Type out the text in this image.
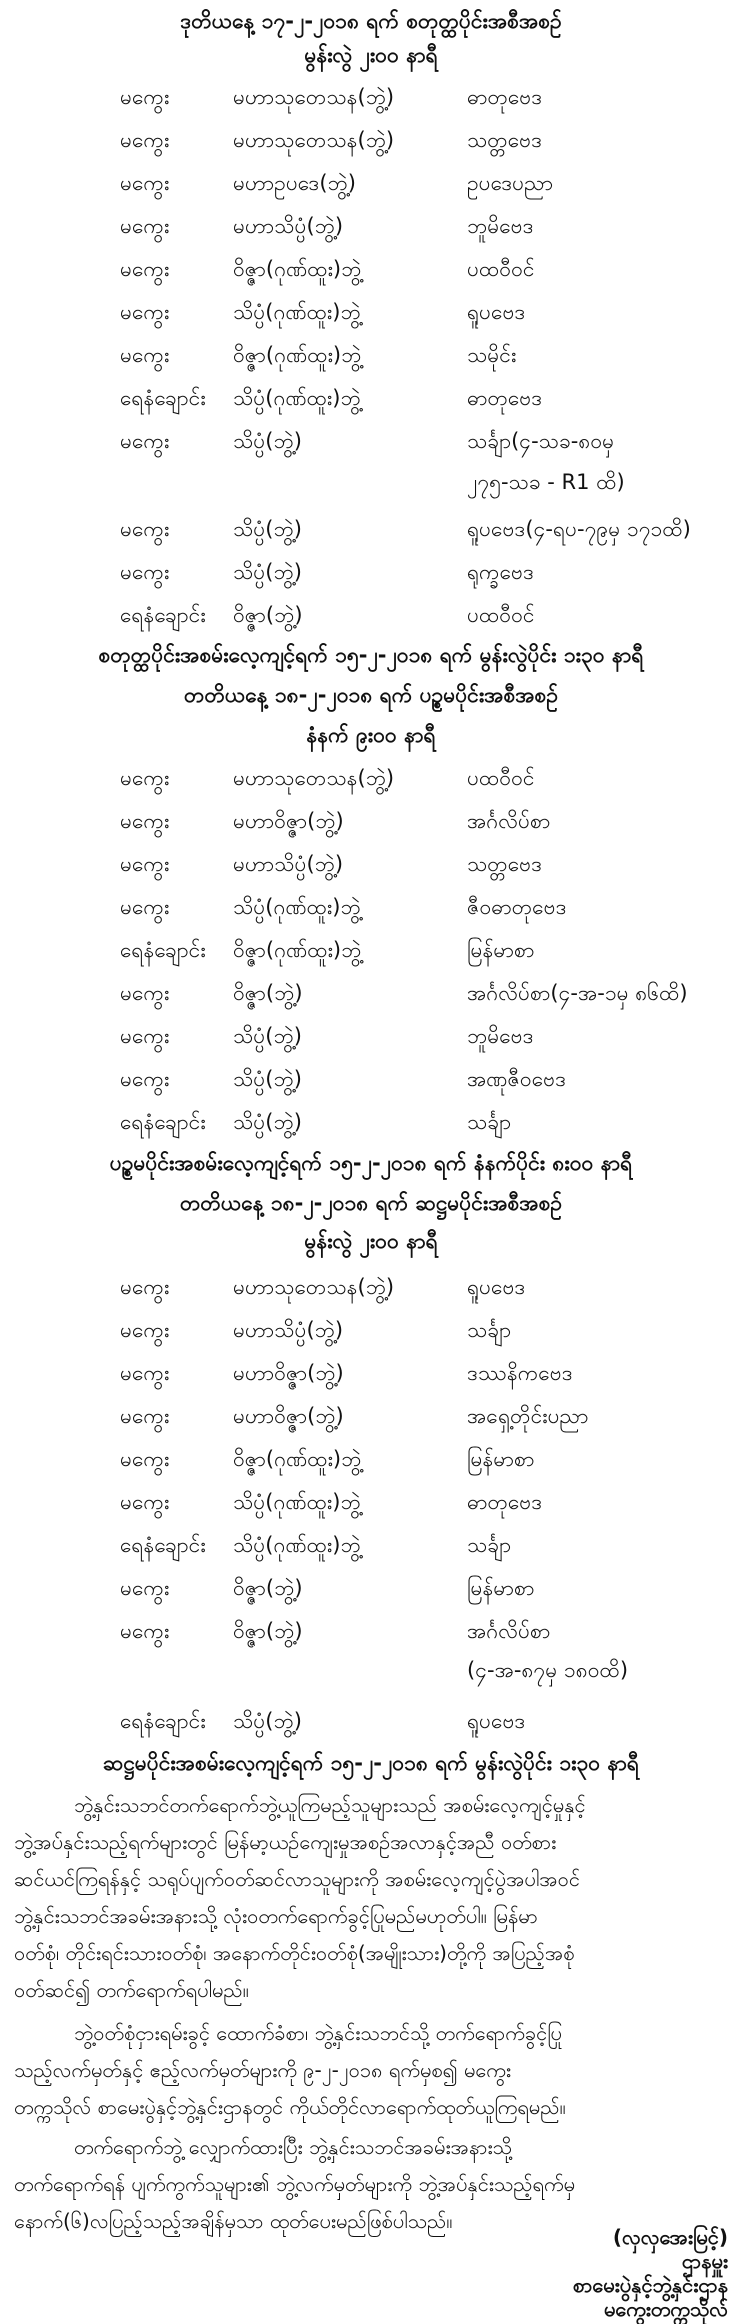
ဒုတိယနေ့ ၁၇-၂-၂၀၁၈ ရက် စတုတ္ထပိုင်းအစီအစဉ်
မွန်းလွဲ ၂း၀၀ နာရီ
မကွေး	မဟာသုတေသန(ဘွဲ့)	ဓာတုဗေဒ
မကွေး	မဟာသုတေသန(ဘွဲ့)	သတ္တဗေဒ
မကွေး	မဟာဥပဒေ(ဘွဲ့)	ဥပဒေပညာ
မကွေး	မဟာသိပ္ပံ(ဘွဲ့)	ဘူမိဗေဒ
မကွေး	ဝိဇ္ဇာ(ဂုဏ်ထူး)ဘွဲ့	ပထဝီဝင်
မကွေး	သိပ္ပံ(ဂုဏ်ထူး)ဘွဲ့	ရူပဗေဒ
မကွေး	ဝိဇ္ဇာ(ဂုဏ်ထူး)ဘွဲ့	သမိုင်း
ရေနံချောင်း သိပ္ပံ(ဂုဏ်ထူး)ဘွဲ့	ဓာတုဗေဒ
မကွေး	သိပ္ပံ(ဘွဲ့)	သင်္ချာ(၄-သခ-၈၀မှ
၂၇၅-သခ - R1 ထိ)
မကွေး	သိပ္ပံ(ဘွဲ့)	ရူပဗေဒ(၄-ရပ-၇၉မှ ၁၇၁ထိ)
မကွေး	သိပ္ပံ(ဘွဲ့)	ရုက္ခဗေဒ
ရေနံချောင်း ဝိဇ္ဇာ(ဘွဲ့)	ပထဝီဝင်
စတုတ္ထပိုင်းအစမ်းလေ့ကျင့်ရက် ၁၅-၂-၂၀၁၈ ရက် မွန်းလွဲပိုင်း ၁း၃၀ နာရီ
တတိယနေ့ ၁၈-၂-၂၀၁၈ ရက် ပဉ္စမပိုင်းအစီအစဉ်
နံနက် ၉း၀၀ နာရီ
မကွေး	မဟာသုတေသန(ဘွဲ့)	ပထဝီဝင်
မကွေး	မဟာဝိဇ္ဇာ(ဘွဲ့)	အင်္ဂလိပ်စာ
မကွေး	မဟာသိပ္ပံ(ဘွဲ့)	သတ္တဗေဒ
မကွေး	သိပ္ပံ(ဂုဏ်ထူး)ဘွဲ့	ဇီဝဓာတုဗေဒ
ရေနံချောင်း ဝိဇ္ဇာ(ဂုဏ်ထူး)ဘွဲ့	မြန်မာစာ
မကွေး	ဝိဇ္ဇာ(ဘွဲ့)	အင်္ဂလိပ်စာ(၄-အ-၁မှ ၈၆ထိ)
မကွေး	သိပ္ပံ(ဘွဲ့)	ဘူမိဗေဒ
မကွေး	သိပ္ပံ(ဘွဲ့)	အဏုဇီဝဗေဒ
ရေနံချောင်း သိပ္ပံ(ဘွဲ့)	သင်္ချာ
ပဉ္စမပိုင်းအစမ်းလေ့ကျင့်ရက် ၁၅-၂-၂၀၁၈ ရက် နံနက်ပိုင်း ၈း၀၀ နာရီ
တတိယနေ့ ၁၈-၂-၂၀၁၈ ရက် ဆဋ္ဌမပိုင်းအစီအစဉ်
မွန်းလွဲ ၂း၀၀ နာရီ
မကွေး	မဟာသုတေသန(ဘွဲ့)	ရူပဗေဒ
မကွေး	မဟာသိပ္ပံ(ဘွဲ့)	သင်္ချာ
မကွေး	မဟာဝိဇ္ဇာ(ဘွဲ့)	ဒဿနိကဗေဒ
မကွေး	မဟာဝိဇ္ဇာ(ဘွဲ့)	အရှေ့တိုင်းပညာ
မကွေး	ဝိဇ္ဇာ(ဂုဏ်ထူး)ဘွဲ့	မြန်မာစာ
မကွေး	သိပ္ပံ(ဂုဏ်ထူး)ဘွဲ့	ဓာတုဗေဒ
ရေနံချောင်း သိပ္ပံ(ဂုဏ်ထူး)ဘွဲ့	သင်္ချာ
မကွေး	ဝိဇ္ဇာ(ဘွဲ့)	မြန်မာစာ
မကွေး	ဝိဇ္ဇာ(ဘွဲ့)	အင်္ဂလိပ်စာ
(၄-အ-၈၇မှ ၁၈၀ထိ)
ရေနံချောင်း သိပ္ပံ(ဘွဲ့)	ရူပဗေဒ
ဆဋ္ဌမပိုင်းအစမ်းလေ့ကျင့်ရက် ၁၅-၂-၂၀၁၈ ရက် မွန်းလွဲပိုင်း ၁း၃၀ နာရီ
ဘွဲ့နှင်းသဘင်တက်ရောက်ဘွဲ့ယူကြမည့်သူများသည် အစမ်းလေ့ကျင့်မှုနှင့်
ဘွဲ့အပ်နှင်းသည့်ရက်များတွင် မြန်မာ့ယဉ်ကျေးမှုအစဉ်အလာနှင့်အညီ ဝတ်စား
ဆင်ယင်ကြရန်နှင့် သရုပ်ပျက်ဝတ်ဆင်လာသူများကို အစမ်းလေ့ကျင့်ပွဲအပါအဝင်
ဘွဲ့နှင်းသဘင်အခမ်းအနားသို့ လုံးဝတက်ရောက်ခွင့်ပြုမည်မဟုတ်ပါ။ မြန်မာ
ဝတ်စုံ၊ တိုင်းရင်းသားဝတ်စုံ၊ အနောက်တိုင်းဝတ်စုံ(အမျိုးသား)တို့ကို အပြည့်အစုံ
ဝတ်ဆင်၍ တက်ရောက်ရပါမည်။
ဘွဲ့ဝတ်စုံငှားရမ်းခွင့် ထောက်ခံစာ၊ ဘွဲ့နှင်းသဘင်သို့ တက်ရောက်ခွင့်ပြု
သည့်လက်မှတ်နှင့် ဧည့်လက်မှတ်များကို ၉-၂-၂၀၁၈ ရက်မှစ၍ မကွေး
တက္ကသိုလ် စာမေးပွဲနှင့်ဘွဲ့နှင်းဌာနတွင် ကိုယ်တိုင်လာရောက်ထုတ်ယူကြရမည်။
တက်ရောက်ဘွဲ့ လျှောက်ထားပြီး ဘွဲ့နှင်းသဘင်အခမ်းအနားသို့
တက်ရောက်ရန် ပျက်ကွက်သူများ၏ ဘွဲ့လက်မှတ်များကို ဘွဲ့အပ်နှင်းသည့်ရက်မှ
နောက်(၆)လပြည့်သည့်အချိန်မှသာ ထုတ်ပေးမည်ဖြစ်ပါသည်။
(လှလှအေးမြင့်)
ဌာနမှူး
စာမေးပွဲနှင့်ဘွဲ့နှင်းဌာန
မကွေးတက္ကသိုလ်
